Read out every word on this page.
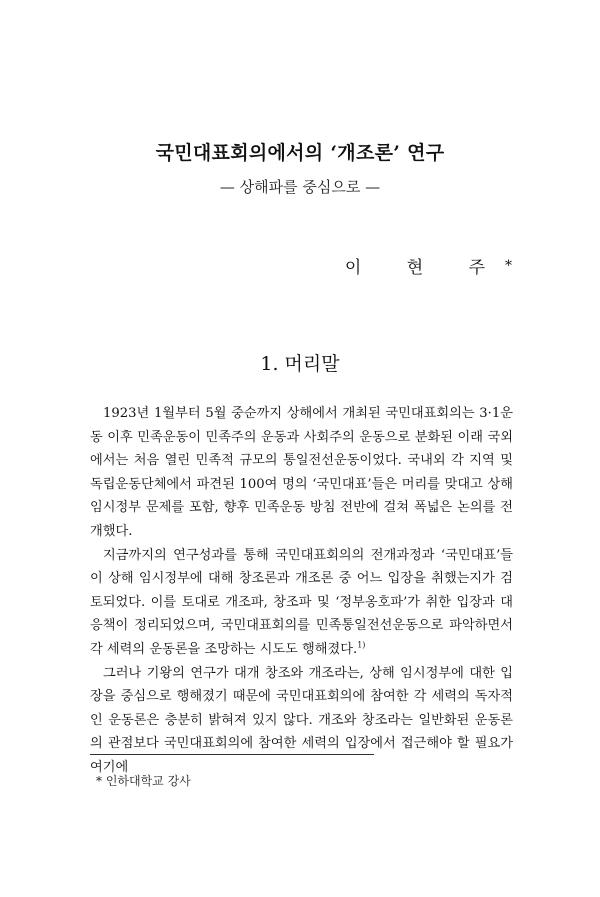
국민대표회의에서의 ‘개조론’ 연구
— 상해파를 중심으로 —
이 현 주*
1. 머리말

1923년 1월부터 5월 중순까지 상해에서 개최된 국민대표회의는 3·1운동 이후 민족운동이 민족주의 운동과 사회주의 운동으로 분화된 이래 국외에서는 처음 열린 민족적 규모의 통일전선운동이었다. 국내외 각 지역 및 독립운동단체에서 파견된 100여 명의 ‘국민대표’들은 머리를 맞대고 상해 임시정부 문제를 포함, 향후 민족운동 방침 전반에 걸쳐 폭넓은 논의를 전개했다.

지금까지의 연구성과를 통해 국민대표회의의 전개과정과 ‘국민대표’들이 상해 임시정부에 대해 창조론과 개조론 중 어느 입장을 취했는지가 검토되었다. 이를 토대로 개조파, 창조파 및 ‘정부옹호파’가 취한 입장과 대응책이 정리되었으며, 국민대표회의를 민족통일전선운동으로 파악하면서 각 세력의 운동론을 조망하는 시도도 행해졌다.$^{1)}$

그러나 기왕의 연구가 대개 창조와 개조라는, 상해 임시정부에 대한 입장을 중심으로 행해졌기 때문에 국민대표회의에 참여한 각 세력의 독자적인 운동론은 충분히 밝혀져 있지 않다. 개조와 창조라는 일반화된 운동론의 관점보다 국민대표회의에 참여한 세력의 입장에서 접근해야 할 필요가 여기에

* 인하대학교 강사
